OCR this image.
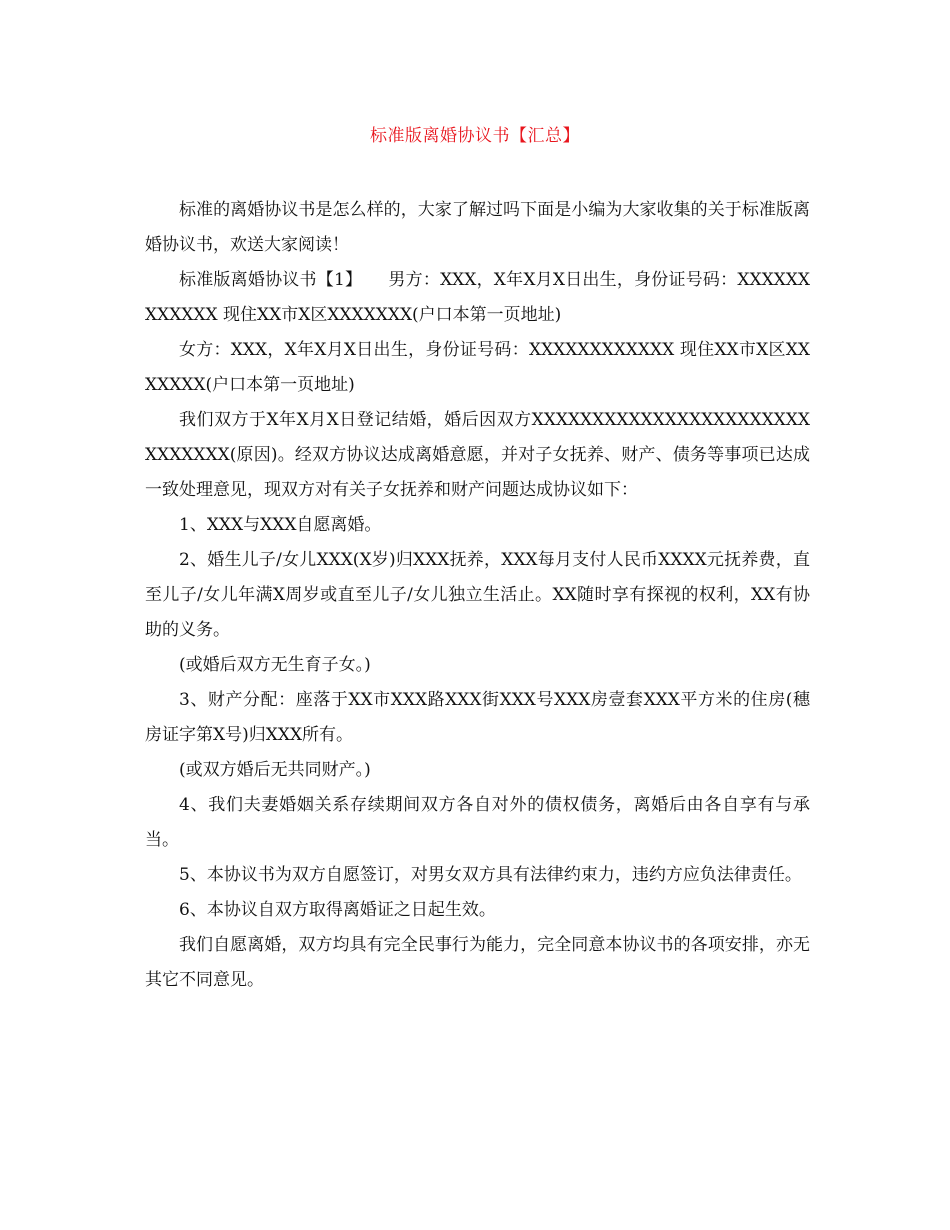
标准版离婚协议书【汇总】

标准的离婚协议书是怎么样的，大家了解过吗下面是小编为大家收集的关于标准版离婚协议书，欢送大家阅读！

标准版离婚协议书【1】 男方：XXX，X年X月X日出生，身份证号码：XXXXXXXXXXXX 现住XX市X区XXXXXXX(户口本第一页地址)

女方：XXX，X年X月X日出生，身份证号码：XXXXXXXXXXXX 现住XX市X区XXXXXXX(户口本第一页地址)

我们双方于X年X月X日登记结婚，婚后因双方XXXXXXXXXXXXXXXXXXXXXXXXXXXXXX(原因)。经双方协议达成离婚意愿，并对子女抚养、财产、债务等事项已达成一致处理意见，现双方对有关子女抚养和财产问题达成协议如下：

1、XXX与XXX自愿离婚。

2、婚生儿子/女儿XXX(X岁)归XXX抚养，XXX每月支付人民币XXXX元抚养费，直至儿子/女儿年满X周岁或直至儿子/女儿独立生活止。XX随时享有探视的权利，XX有协助的义务。

(或婚后双方无生育子女。)

3、财产分配：座落于XX市XXX路XXX街XXX号XXX房壹套XXX平方米的住房(穗房证字第X号)归XXX所有。

(或双方婚后无共同财产。)

4、我们夫妻婚姻关系存续期间双方各自对外的债权债务，离婚后由各自享有与承当。

5、本协议书为双方自愿签订，对男女双方具有法律约束力，违约方应负法律责任。

6、本协议自双方取得离婚证之日起生效。

我们自愿离婚，双方均具有完全民事行为能力，完全同意本协议书的各项安排，亦无其它不同意见。
